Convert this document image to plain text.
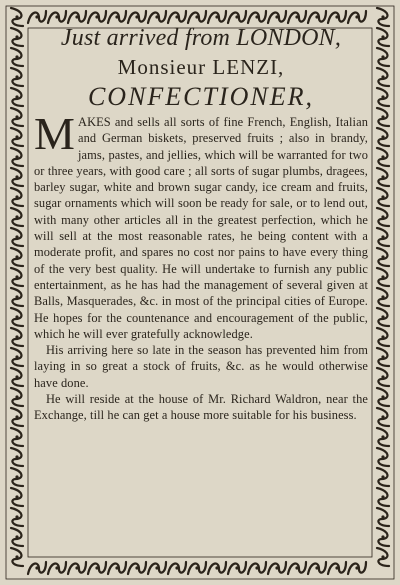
Just arrived from LONDON,

Monsieur LENZI,

CONFECTIONER,

MAKES and sells all sorts of fine French, English, Italian and German biskets, preserved fruits ; also in brandy, jams, pastes, and jellies, which will be warranted for two or three years, with good care ; all sorts of sugar plumbs, dragees, barley sugar, white and brown sugar candy, ice cream and fruits, sugar ornaments which will soon be ready for sale, or to lend out, with many other articles all in the greatest perfection, which he will sell at the most reasonable rates, he being content with a moderate profit, and spares no cost nor pains to have every thing of the very best quality. He will undertake to furnish any public entertainment, as he has had the management of several given at Balls, Masquerades, &c. in most of the principal cities of Europe. He hopes for the countenance and encouragement of the public, which he will ever gratefully acknowledge.

His arriving here so late in the season has prevented him from laying in so great a stock of fruits, &c. as he would otherwise have done.

He will reside at the house of Mr. Richard Waldron, near the Exchange, till he can get a house more suitable for his business.
